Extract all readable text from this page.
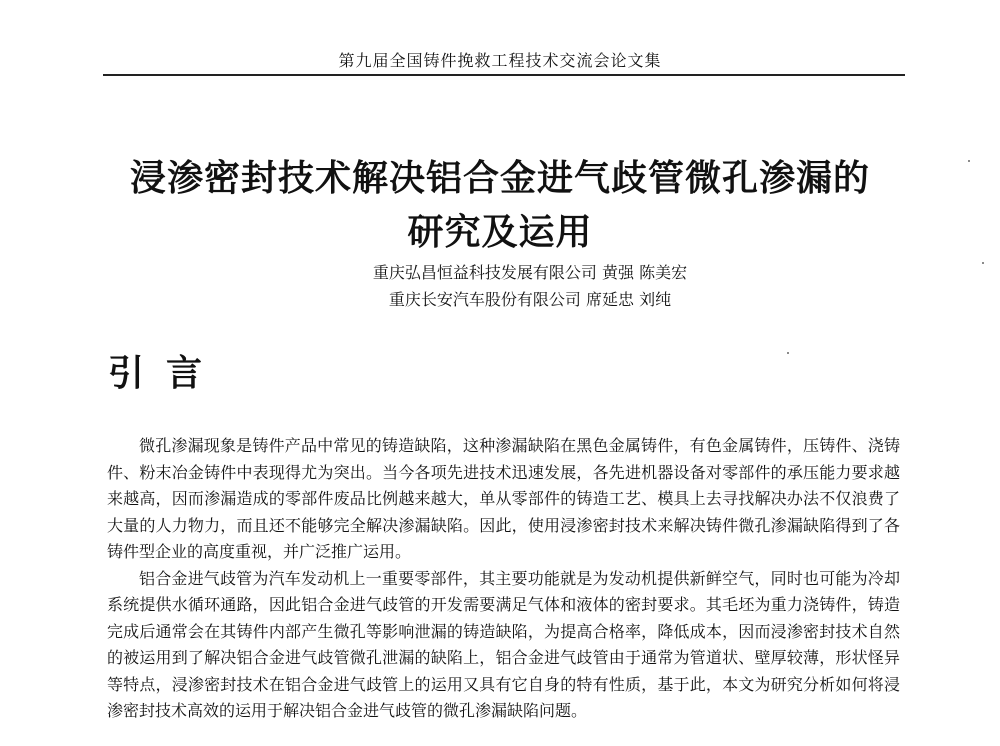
第九届全国铸件挽救工程技术交流会论文集
浸渗密封技术解决铝合金进气歧管微孔渗漏的
研究及运用
重庆弘昌恒益科技发展有限公司 黄强 陈美宏
重庆长安汽车股份有限公司 席延忠 刘纯
引言

微孔渗漏现象是铸件产品中常见的铸造缺陷，这种渗漏缺陷在黑色金属铸件，有色金属铸件，压铸件、浇铸件、粉末冶金铸件中表现得尤为突出。当今各项先进技术迅速发展，各先进机器设备对零部件的承压能力要求越来越高，因而渗漏造成的零部件废品比例越来越大，单从零部件的铸造工艺、模具上去寻找解决办法不仅浪费了大量的人力物力，而且还不能够完全解决渗漏缺陷。因此，使用浸渗密封技术来解决铸件微孔渗漏缺陷得到了各铸件型企业的高度重视，并广泛推广运用。

铝合金进气歧管为汽车发动机上一重要零部件，其主要功能就是为发动机提供新鲜空气，同时也可能为冷却系统提供水循环通路，因此铝合金进气歧管的开发需要满足气体和液体的密封要求。其毛坯为重力浇铸件，铸造完成后通常会在其铸件内部产生微孔等影响泄漏的铸造缺陷，为提高合格率，降低成本，因而浸渗密封技术自然的被运用到了解决铝合金进气歧管微孔泄漏的缺陷上，铝合金进气歧管由于通常为管道状、壁厚较薄，形状怪异等特点，浸渗密封技术在铝合金进气歧管上的运用又具有它自身的特有性质，基于此，本文为研究分析如何将浸渗密封技术高效的运用于解决铝合金进气歧管的微孔渗漏缺陷问题。
